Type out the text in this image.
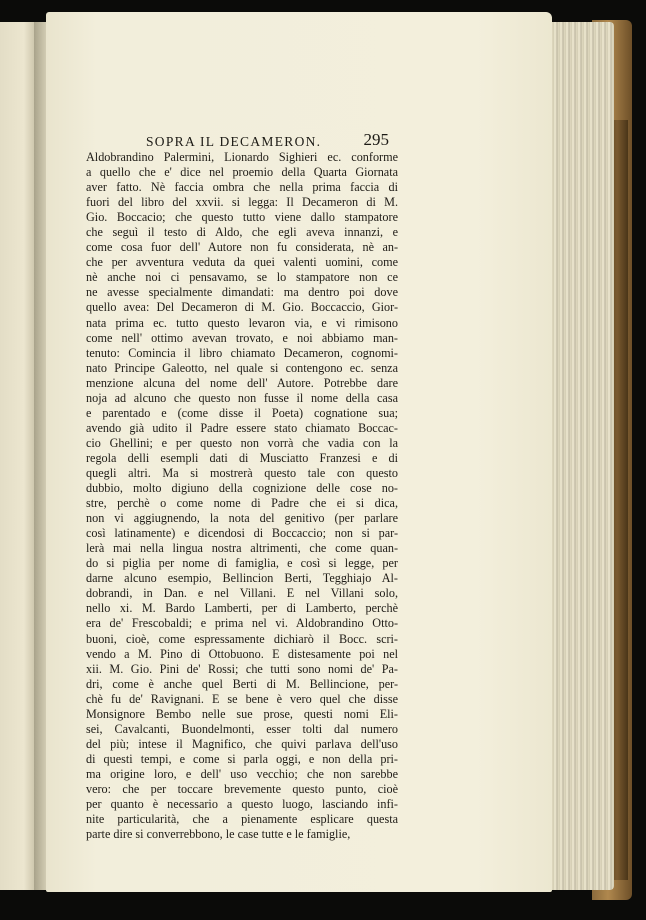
SOPRA IL DECAMERON. 295
Aldobrandino Palermini, Lionardo Sighieri ec. conforme
a quello che e' dice nel proemio della Quarta Giornata
aver fatto. Nè faccia ombra che nella prima faccia di
fuori del libro del xxvii. si legga: Il Decameron di M.
Gio. Boccacio; che questo tutto viene dallo stampatore
che seguì il testo di Aldo, che egli aveva innanzi, e
come cosa fuor dell' Autore non fu considerata, nè an-
che per avventura veduta da quei valenti uomini, come
nè anche noi ci pensavamo, se lo stampatore non ce
ne avesse specialmente dimandati: ma dentro poi dove
quello avea: Del Decameron di M. Gio. Boccaccio, Gior-
nata prima ec. tutto questo levaron via, e vi rimisono
come nell' ottimo avevan trovato, e noi abbiamo man-
tenuto: Comincia il libro chiamato Decameron, cognomi-
nato Principe Galeotto, nel quale si contengono ec. senza
menzione alcuna del nome dell' Autore. Potrebbe dare
noja ad alcuno che questo non fusse il nome della casa
e parentado e (come disse il Poeta) cognatione sua;
avendo già udito il Padre essere stato chiamato Boccac-
cio Ghellini; e per questo non vorrà che vadia con la
regola delli esempli dati di Musciatto Franzesi e di
quegli altri. Ma si mostrerà questo tale con questo
dubbio, molto digiuno della cognizione delle cose no-
stre, perchè o come nome di Padre che ei si dica,
non vi aggiugnendo, la nota del genitivo (per parlare
così latinamente) e dicendosi di Boccaccio; non si par-
lerà mai nella lingua nostra altrimenti, che come quan-
do si piglia per nome di famiglia, e così si legge, per
darne alcuno esempio, Bellincion Berti, Tegghiajo Al-
dobrandi, in Dan. e nel Villani. E nel Villani solo,
nello xi. M. Bardo Lamberti, per di Lamberto, perchè
era de' Frescobaldi; e prima nel vi. Aldobrandino Otto-
buoni, cioè, come espressamente dichiarò il Bocc. scri-
vendo a M. Pino di Ottobuono. E distesamente poi nel
xii. M. Gio. Pini de' Rossi; che tutti sono nomi de' Pa-
dri, come è anche quel Berti di M. Bellincione, per-
chè fu de' Ravignani. E se bene è vero quel che disse
Monsignore Bembo nelle sue prose, questi nomi Eli-
sei, Cavalcanti, Buondelmonti, esser tolti dal numero
del più; intese il Magnifico, che quivi parlava dell'uso
di questi tempi, e come si parla oggi, e non della pri-
ma origine loro, e dell' uso vecchio; che non sarebbe
vero: che per toccare brevemente questo punto, cioè
per quanto è necessario a questo luogo, lasciando infi-
nite particularità, che a pienamente esplicare questa
parte dire si converrebbono, le case tutte e le famiglie,
